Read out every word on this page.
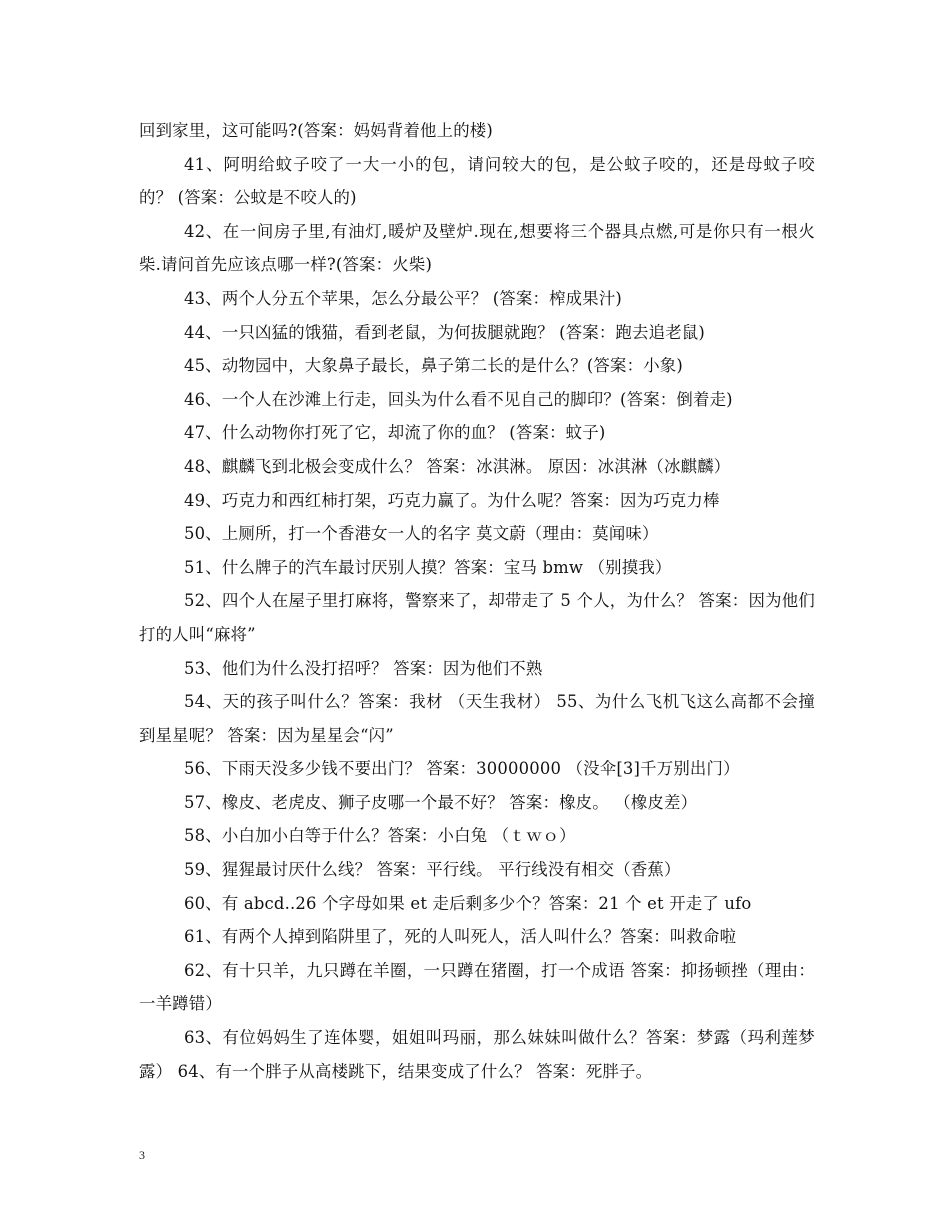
回到家里，这可能吗?(答案：妈妈背着他上的楼)

41、阿明给蚊子咬了一大一小的包，请问较大的包，是公蚊子咬的，还是母蚊子咬的？ (答案：公蚊是不咬人的)

42、在一间房子里,有油灯,暖炉及壁炉.现在,想要将三个器具点燃,可是你只有一根火柴.请问首先应该点哪一样?(答案：火柴)

43、两个人分五个苹果，怎么分最公平？ (答案：榨成果汁)

44、一只凶猛的饿猫，看到老鼠，为何拔腿就跑？ (答案：跑去追老鼠)

45、动物园中，大象鼻子最长，鼻子第二长的是什么？(答案：小象)

46、一个人在沙滩上行走，回头为什么看不见自己的脚印？(答案：倒着走)

47、什么动物你打死了它，却流了你的血？ (答案：蚊子)

48、麒麟飞到北极会变成什么？ 答案：冰淇淋。 原因：冰淇淋（冰麒麟）

49、巧克力和西红柿打架，巧克力赢了。为什么呢？答案：因为巧克力棒

50、上厕所，打一个香港女一人的名字 莫文蔚（理由：莫闻味）

51、什么牌子的汽车最讨厌别人摸？答案：宝马 bmw （别摸我）

52、四个人在屋子里打麻将，警察来了，却带走了 5 个人，为什么？ 答案：因为他们打的人叫“麻将”

53、他们为什么没打招呼？ 答案：因为他们不熟

54、天的孩子叫什么？答案：我材 （天生我材） 55、为什么飞机飞这么高都不会撞到星星呢？ 答案：因为星星会“闪”

56、下雨天没多少钱不要出门？ 答案：30000000 （没伞[3]千万别出门）

57、橡皮、老虎皮、狮子皮哪一个最不好？ 答案：橡皮。 （橡皮差）

58、小白加小白等于什么？答案：小白兔 （ｔｗｏ）

59、猩猩最讨厌什么线？ 答案：平行线。 平行线没有相交（香蕉）

60、有 abcd..26 个字母如果 et 走后剩多少个？答案：21 个 et 开走了 ufo

61、有两个人掉到陷阱里了，死的人叫死人，活人叫什么？答案：叫救命啦

62、有十只羊，九只蹲在羊圈，一只蹲在猪圈，打一个成语 答案：抑扬顿挫（理由：一羊蹲错）

63、有位妈妈生了连体婴，姐姐叫玛丽，那么妹妹叫做什么？答案：梦露（玛利莲梦露） 64、有一个胖子从高楼跳下，结果变成了什么？ 答案：死胖子。

3
